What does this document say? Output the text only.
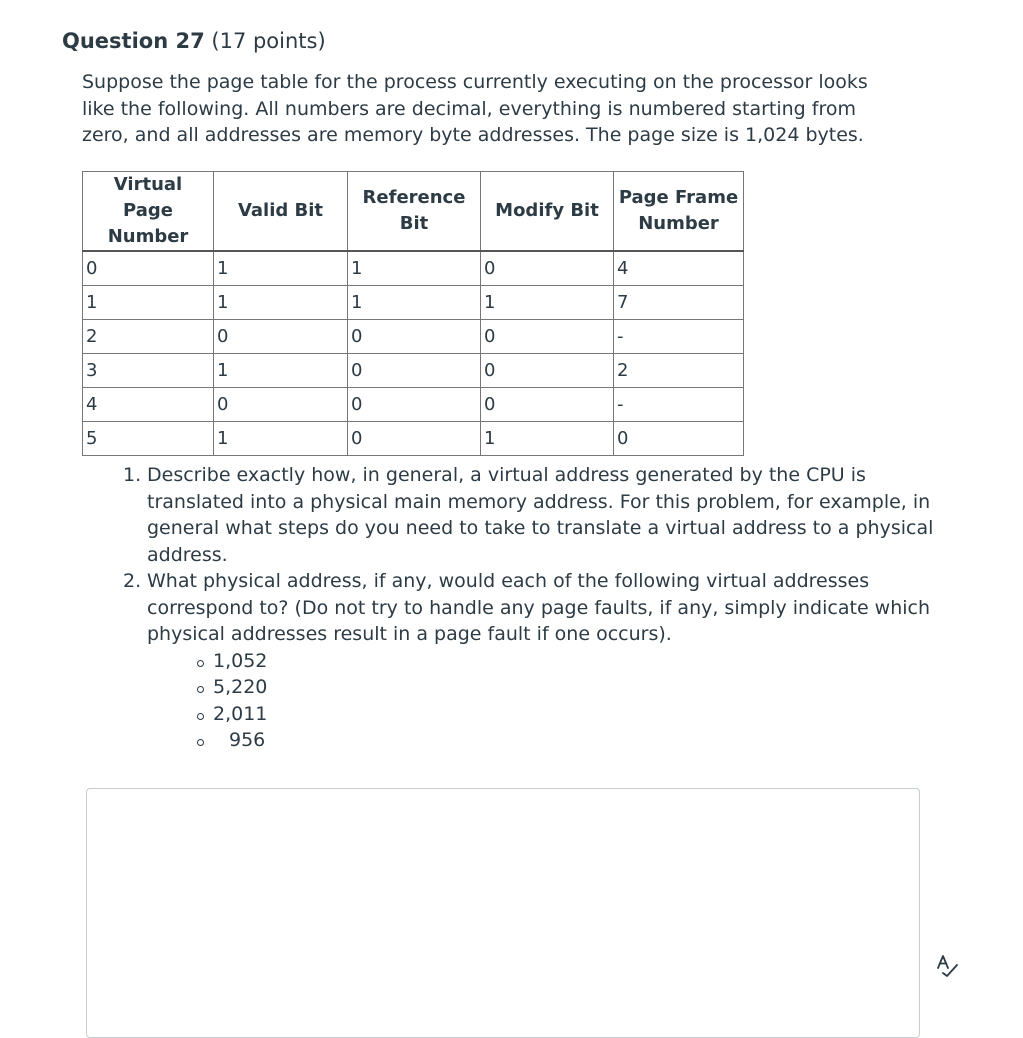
Question 27 (17 points)
Suppose the page table for the process currently executing on the processor looks like the following. All numbers are decimal, everything is numbered starting from zero, and all addresses are memory byte addresses. The page size is 1,024 bytes.
Virtual Page Number	Valid Bit	Reference Bit	Modify Bit	Page Frame Number
0	1	1	0	4
1	1	1	1	7
2	0	0	0	-
3	1	0	0	2
4	0	0	0	-
5	1	0	1	0
1. Describe exactly how, in general, a virtual address generated by the CPU is translated into a physical main memory address. For this problem, for example, in general what steps do you need to take to translate a virtual address to a physical address.
2. What physical address, if any, would each of the following virtual addresses correspond to? (Do not try to handle any page faults, if any, simply indicate which physical addresses result in a page fault if one occurs).
1,052
5,220
2,011
956
